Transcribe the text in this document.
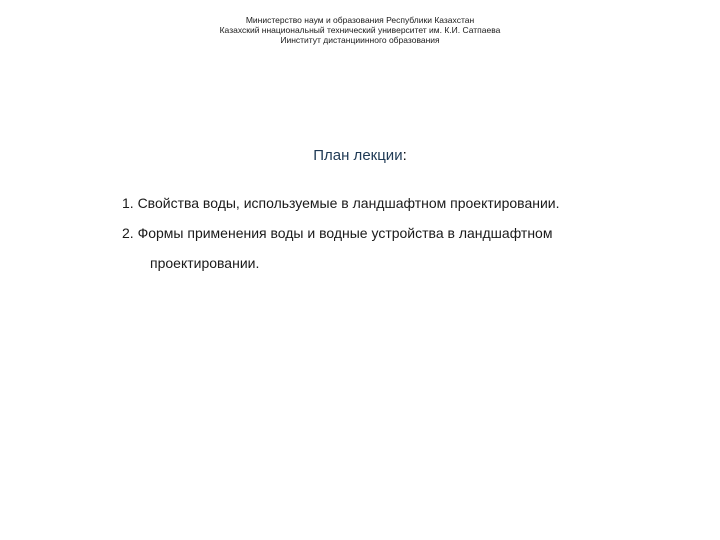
Министерство наум и образования Республики Казахстан
Казахский ннациональный технический университет им. К.И. Сатпаева
Иинститут дистанциинного образования
План лекции:
1. Свойства воды, используемые в ландшафтном проектировании.
2. Формы применения воды и водные устройства в ландшафтном
проектировании.
